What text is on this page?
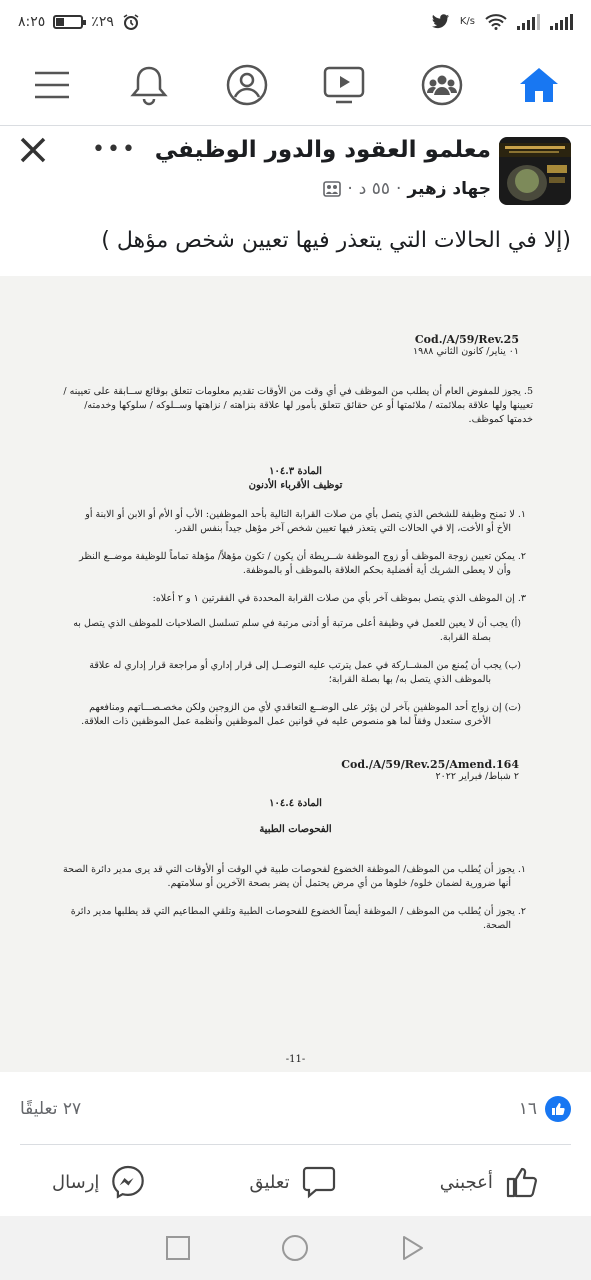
٨:٢٥	٪٢٩	K/s
••• معلمو العقود والدور الوظيفي
جهاد زهير
·
٥٥ د
·
(إلا في الحالات التي يتعذر فيها تعيين شخص مؤهل )
Cod./A/59/Rev.25
٠١ يناير/ كانون الثاني ١٩٨٨
5. يجوز للمفوض العام أن يطلب من الموظف في أي وقت من الأوقات تقديم معلومات تتعلق بوقائع ســابقة على تعيينه /
تعيينها ولها علاقة بملائمته / ملائمتها أو عن حقائق تتعلق بأمور لها علاقة بنزاهته / نزاهتها وســلوكه / سلوكها وخدمته/
خدمتها كموظف.
المادة ١٠٤.٣
توظيف الأقرباء الأدنون
١. لا تمنح وظيفة للشخص الذي يتصل بأي من صلات القرابة التالية بأحد الموظفين: الأب أو الأم أو الابن أو الابنة أو
الأخ أو الأخت، إلا في الحالات التي يتعذر فيها تعيين شخص آخر مؤهل جيداً بنفس القدر.
٢. يمكن تعيين زوجة الموظف أو زوج الموظفة شــريطة أن يكون / تكون مؤهلاً/ مؤهلة تماماً للوظيفة موضــع النظر
وأن لا يعطى الشريك أية أفضلية بحكم العلاقة بالموظف أو بالموظفة.
٣. إن الموظف الذي يتصل بموظف آخر بأي من صلات القرابة المحددة في الفقرتين ١ و ٢ أعلاه:
(أ) يجب أن لا يعين للعمل في وظيفة أعلى مرتبة أو أدنى مرتبة في سلم تسلسل الصلاحيات للموظف الذي يتصل به
بصلة القرابة.
(ب) يجب أن يُمنع من المشــاركة في عمل يترتب عليه التوصــل إلى قرار إداري أو مراجعة قرار إداري له علاقة
بالموظف الذي يتصل به/ بها بصلة القرابة؛
(ت) إن زواج أحد الموظفين بآخر لن يؤثر على الوضــع التعاقدي لأي من الزوجين ولكن مخصـصـــاتهم ومنافعهم
الأخرى ستعدل وفقاً لما هو منصوص عليه في قوانين عمل الموظفين وأنظمة عمل الموظفين ذات العلاقة.
Cod./A/59/Rev.25/Amend.164
٢ شباط/ فبراير ٢٠٢٢
المادة ١٠٤.٤
الفحوصات الطبية
١. يجوز أن يُطلب من الموظف/ الموظفة الخضوع لفحوصات طبية في الوقت أو الأوقات التي قد يرى مدير دائرة الصحة
أنها ضرورية لضمان خلوه/ خلوها من أي مرض يحتمل أن يضر بصحة الآخرين أو سلامتهم.
٢. يجوز أن يُطلب من الموظف / الموظفة أيضاً الخضوع للفحوصات الطبية وتلقي المطاعيم التي قد يطلبها مدير دائرة
الصحة.
-11-
٢٧ تعليقًا	١٦
إرسال	تعليق	أعجبني
